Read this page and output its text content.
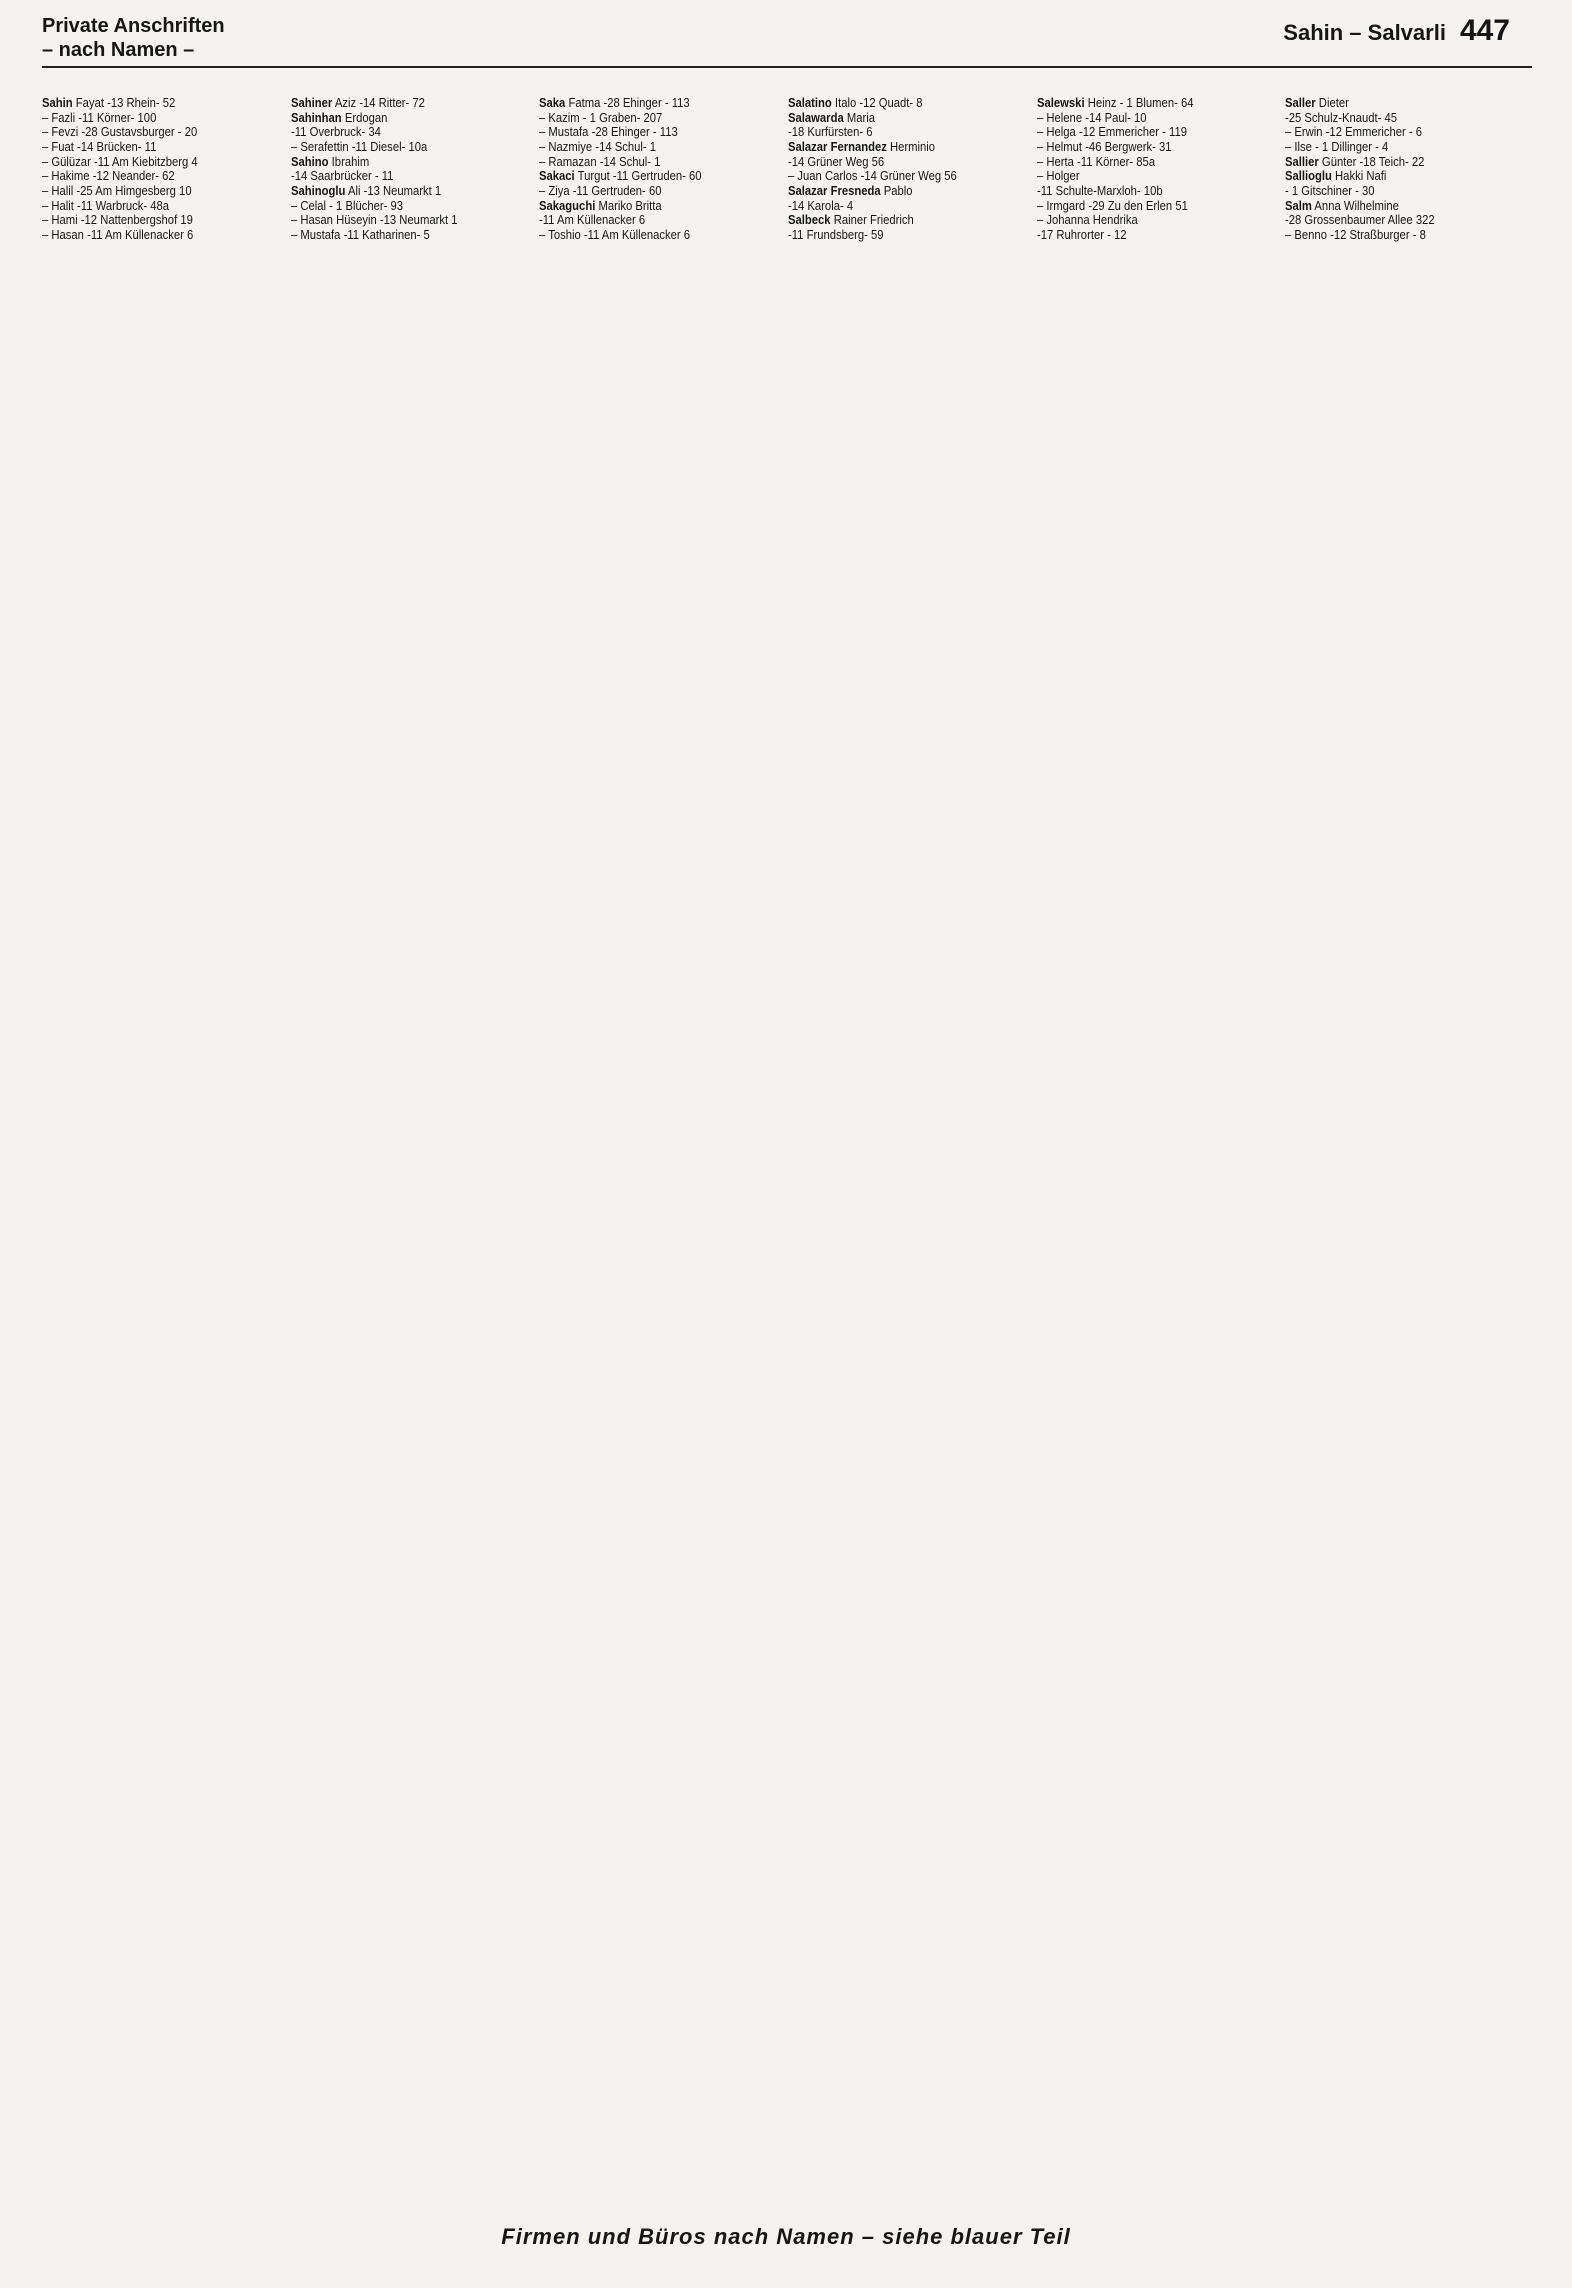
Private Anschriften
– nach Namen –
Sahin – Salvarli 447
Sahin Fayat -13 Rhein- 52
– Fazli -11 Körner- 100
– Fevzi -28 Gustavsburger - 20
– Fuat -14 Brücken- 11
– Gülüzar -11 Am Kiebitzberg 4
– Hakime -12 Neander- 62
– Halil -25 Am Himgesberg 10
– Halit -11 Warbruck- 48a
– Hami -12 Nattenbergshof 19
– Hasan -11 Am Küllenacker 6
Sahiner Aziz -14 Ritter- 72
Sahinhan Erdogan
-11 Overbruck- 34
– Serafettin -11 Diesel- 10a
Sahino Ibrahim
-14 Saarbrücker - 11
Sahinoglu Ali -13 Neumarkt 1
– Celal - 1 Blücher- 93
– Hasan Hüseyin -13 Neumarkt 1
– Mustafa -11 Katharinen- 5
Saka Fatma -28 Ehinger - 113
– Kazim - 1 Graben- 207
– Mustafa -28 Ehinger - 113
– Nazmiye -14 Schul- 1
– Ramazan -14 Schul- 1
Sakaci Turgut -11 Gertruden- 60
– Ziya -11 Gertruden- 60
Sakaguchi Mariko Britta
-11 Am Küllenacker 6
– Toshio -11 Am Küllenacker 6
Salatino Italo -12 Quadt- 8
Salawarda Maria
-18 Kurfürsten- 6
Salazar Fernandez Herminio
-14 Grüner Weg 56
– Juan Carlos -14 Grüner Weg 56
Salazar Fresneda Pablo
-14 Karola- 4
Salbeck Rainer Friedrich
-11 Frundsberg- 59
Salewski Heinz - 1 Blumen- 64
– Helene -14 Paul- 10
– Helga -12 Emmericher - 119
– Helmut -46 Bergwerk- 31
– Herta -11 Körner- 85a
– Holger
-11 Schulte-Marxloh- 10b
– Irmgard -29 Zu den Erlen 51
– Johanna Hendrika
-17 Ruhrorter - 12
Saller Dieter
-25 Schulz-Knaudt- 45
– Erwin -12 Emmericher - 6
– Ilse - 1 Dillinger - 4
Sallier Günter -18 Teich- 22
Sallioglu Hakki Nafi
- 1 Gitschiner - 30
Salm Anna Wilhelmine
-28 Grossenbaumer Allee 322
– Benno -12 Straßburger - 8
Firmen und Büros nach Namen – siehe blauer Teil
